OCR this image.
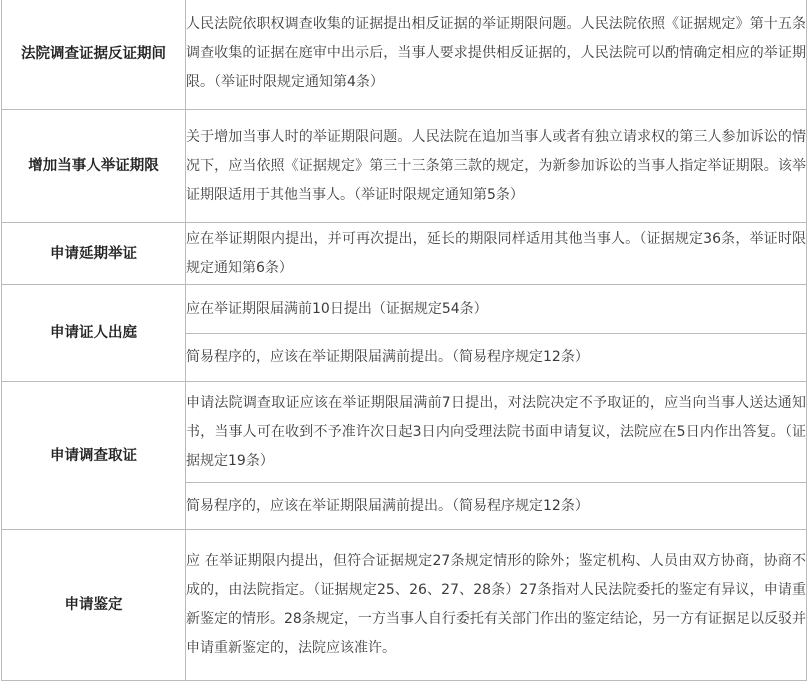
法院调查证据反证期间	人民法院依职权调查收集的证据提出相反证据的举证期限问题。人民法院依照《证据规定》第十五条调查收集的证据在庭审中出示后，当事人要求提供相反证据的，人民法院可以酌情确定相应的举证期限。（举证时限规定通知第4条）
增加当事人举证期限	关于增加当事人时的举证期限问题。人民法院在追加当事人或者有独立请求权的第三人参加诉讼的情况下，应当依照《证据规定》第三十三条第三款的规定，为新参加诉讼的当事人指定举证期限。该举证期限适用于其他当事人。（举证时限规定通知第5条）
申请延期举证	应在举证期限内提出，并可再次提出，延长的期限同样适用其他当事人。（证据规定36条，举证时限规定通知第6条）
申请证人出庭	应在举证期限届满前10日提出（证据规定54条）
	简易程序的，应该在举证期限届满前提出。（简易程序规定12条）
申请调查取证	申请法院调查取证应该在举证期限届满前7日提出，对法院决定不予取证的，应当向当事人送达通知书，当事人可在收到不予准许次日起3日内向受理法院书面申请复议，法院应在5日内作出答复。（证据规定19条）
	简易程序的，应该在举证期限届满前提出。（简易程序规定12条）
申请鉴定	应 在举证期限内提出，但符合证据规定27条规定情形的除外；鉴定机构、人员由双方协商，协商不成的，由法院指定。（证据规定25、26、27、28条）27条指对人民法院委托的鉴定有异议，申请重新鉴定的情形。28条规定，一方当事人自行委托有关部门作出的鉴定结论，另一方有证据足以反驳并申请重新鉴定的，法院应该准许。
